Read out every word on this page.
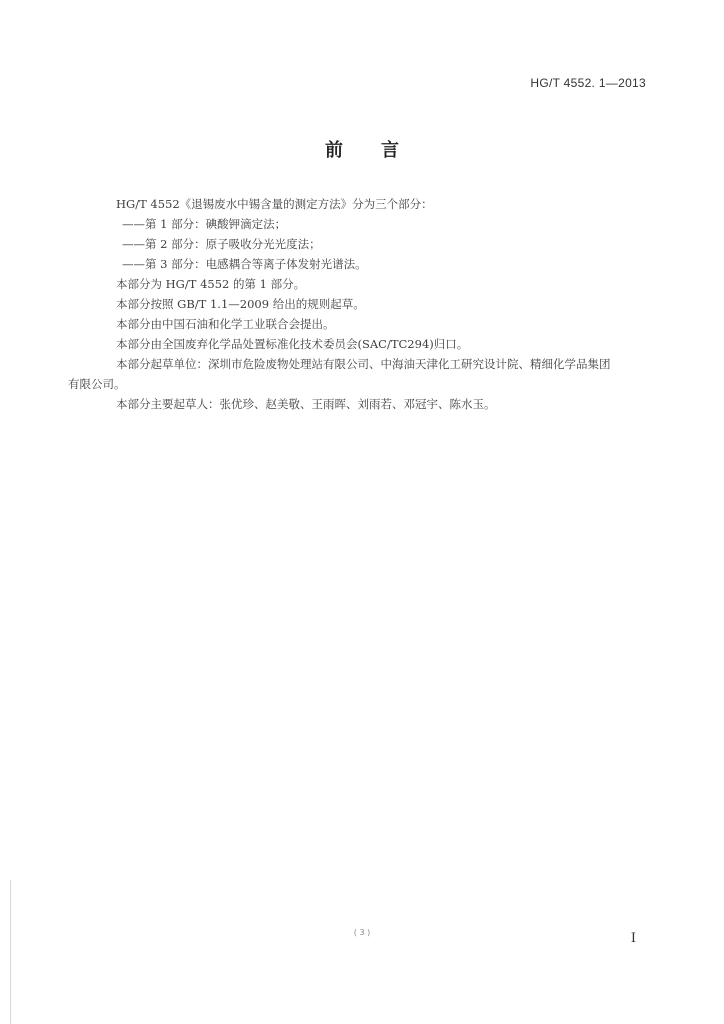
HG/T 4552. 1—2013
前 言

HG/T 4552《退锡废水中锡含量的测定方法》分为三个部分：

——第 1 部分：碘酸钾滴定法；

——第 2 部分：原子吸收分光光度法；

——第 3 部分：电感耦合等离子体发射光谱法。

本部分为 HG/T 4552 的第 1 部分。

本部分按照 GB/T 1.1—2009 给出的规则起草。

本部分由中国石油和化学工业联合会提出。

本部分由全国废弃化学品处置标准化技术委员会(SAC/TC294)归口。

本部分起草单位：深圳市危险废物处理站有限公司、中海油天津化工研究设计院、精细化学品集团

有限公司。

本部分主要起草人：张优珍、赵美敬、王雨晖、刘雨若、邓冠宇、陈水玉。

( 3 )	I
